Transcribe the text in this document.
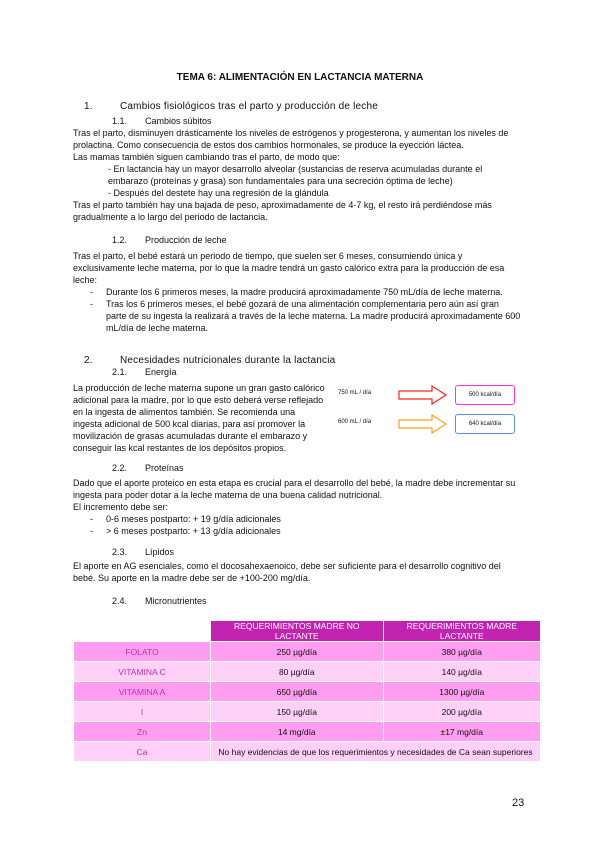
TEMA 6: ALIMENTACIÓN EN LACTANCIA MATERNA
1.	Cambios fisiológicos tras el parto y producción de leche
1.1. Cambios súbitos
Tras el parto, disminuyen drásticamente los niveles de estrógenos y progesterona, y aumentan los niveles de
prolactina. Como consecuencia de estos dos cambios hormonales, se produce la eyección láctea.
Las mamas también siguen cambiando tras el parto, de modo que:
- En lactancia hay un mayor desarrollo alveolar (sustancias de reserva acumuladas durante el
embarazo (proteínas y grasa) son fundamentales para una secreción óptima de leche)
- Después del destete hay una regresión de la glándula
Tras el parto también hay una bajada de peso, aproximadamente de 4-7 kg, el resto irá perdiéndose más
gradualmente a lo largo del periodo de lactancia.
1.2. Producción de leche
Tras el parto, el bebé estará un periodo de tiempo, que suelen ser 6 meses, consumiendo única y
exclusivamente leche materna, por lo que la madre tendrá un gasto calórico extra para la producción de esa
leche:
- Durante los 6 primeros meses, la madre producirá aproximadamente 750 mL/día de leche materna.
- Tras los 6 primeros meses, el bebé gozará de una alimentación complementaria pero aún así gran
parte de su ingesta la realizará a través de la leche materna. La madre producirá aproximadamente 600
mL/día de leche materna.
2.	Necesidades nutricionales durante la lactancia
2.1. Energía
La producción de leche materna supone un gran gasto calórico
adicional para la madre, por lo que esto deberá verse reflejado
en la ingesta de alimentos también. Se recomienda una
ingesta adicional de 500 kcal diarias, para así promover la
movilización de grasas acumuladas durante el embarazo y
conseguir las kcal restantes de los depósitos propios.
750 mL / día	500 kcal/día
600 mL / día	640 kcal/día
2.2. Proteínas
Dado que el aporte proteico en esta etapa es crucial para el desarrollo del bebé, la madre debe incrementar su
ingesta para poder dotar a la leche materna de una buena calidad nutricional.
El incremento debe ser:
- 0-6 meses postparto: + 19 g/día adicionales
- > 6 meses postparto: + 13 g/día adicionales
2.3. Lípidos
El aporte en AG esenciales, como el docosahexaenoico, debe ser suficiente para el desarrollo cognitivo del
bebé. Su aporte en la madre debe ser de +100-200 mg/día.
2.4. Micronutrientes
	REQUERIMIENTOS MADRE NO LACTANTE	REQUERIMIENTOS MADRE LACTANTE
FOLATO	250 µg/día	380 µg/día
VITAMINA C	80 µg/día	140 µg/día
VITAMINA A	650 µg/día	1300 µg/día
I	150 µg/día	200 µg/día
Zn	14 mg/día	±17 mg/día
Ca	No hay evidencias de que los requerimientos y necesidades de Ca sean superiores	
23
